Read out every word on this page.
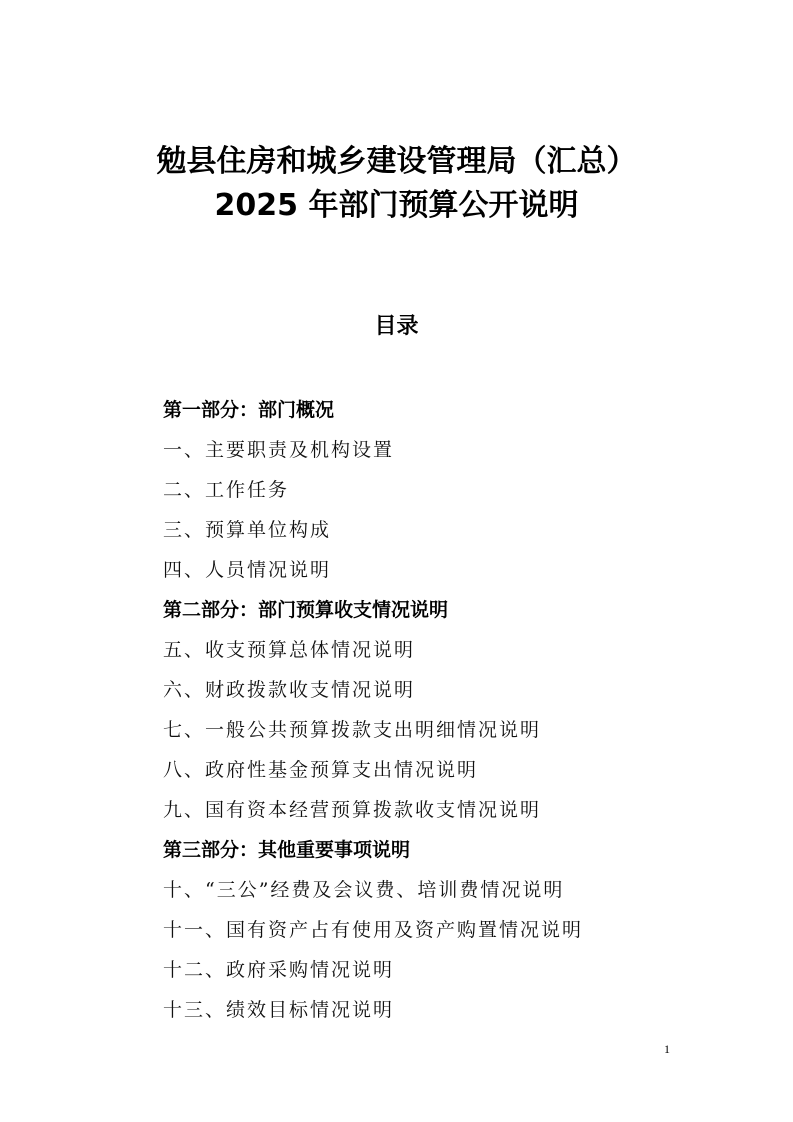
勉县住房和城乡建设管理局（汇总）
2025 年部门预算公开说明
目录
第一部分：部门概况
一、主要职责及机构设置
二、工作任务
三、预算单位构成
四、人员情况说明
第二部分：部门预算收支情况说明
五、收支预算总体情况说明
六、财政拨款收支情况说明
七、一般公共预算拨款支出明细情况说明
八、政府性基金预算支出情况说明
九、国有资本经营预算拨款收支情况说明
第三部分：其他重要事项说明
十、“三公”经费及会议费、培训费情况说明
十一、国有资产占有使用及资产购置情况说明
十二、政府采购情况说明
十三、绩效目标情况说明
1
